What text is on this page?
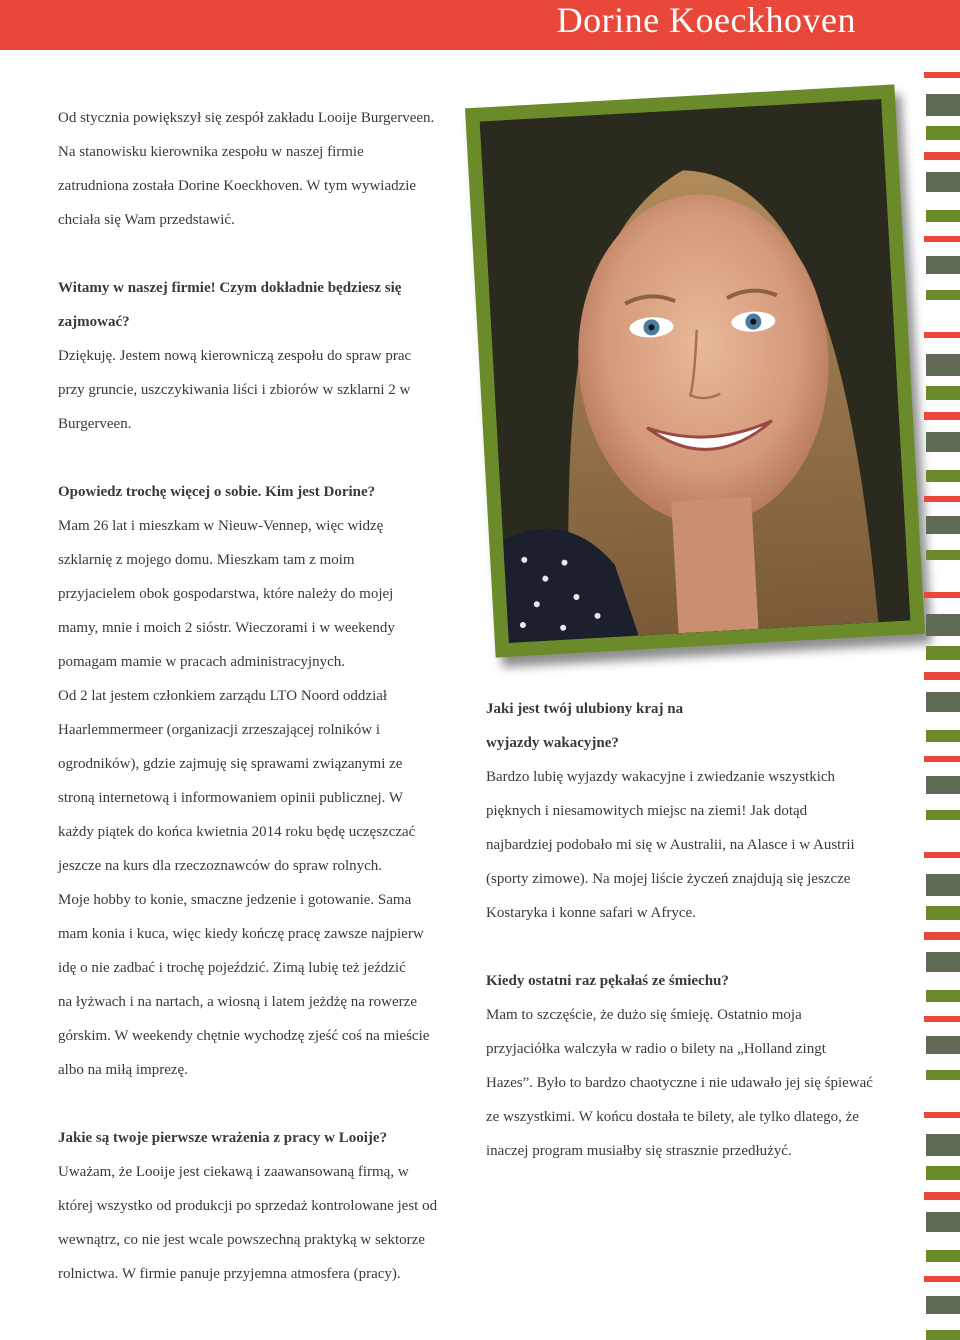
Dorine Koeckhoven
Od stycznia powiększył się zespół zakładu Looije Burgerveen.
Na stanowisku kierownika zespołu w naszej firmie
zatrudniona została Dorine Koeckhoven. W tym wywiadzie
chciała się Wam przedstawić.
Witamy w naszej firmie! Czym dokładnie będziesz się
zajmować?
Dziękuję. Jestem nową kierowniczą zespołu do spraw prac
przy gruncie, uszczykiwania liści i zbiorów w szklarni 2 w
Burgerveen.
Opowiedz trochę więcej o sobie. Kim jest Dorine?
Mam 26 lat i mieszkam w Nieuw-Vennep, więc widzę
szklarnię z mojego domu. Mieszkam tam z moim
przyjacielem obok gospodarstwa, które należy do mojej
mamy, mnie i moich 2 sióstr. Wieczorami i w weekendy
pomagam mamie w pracach administracyjnych.
Od 2 lat jestem członkiem zarządu LTO Noord oddział
Haarlemmermeer (organizacji zrzeszającej rolników i
ogrodników), gdzie zajmuję się sprawami związanymi ze
stroną internetową i informowaniem opinii publicznej. W
każdy piątek do końca kwietnia 2014 roku będę uczęszczać
jeszcze na kurs dla rzeczoznawców do spraw rolnych.
Moje hobby to konie, smaczne jedzenie i gotowanie. Sama
mam konia i kuca, więc kiedy kończę pracę zawsze najpierw
idę o nie zadbać i trochę pojeździć. Zimą lubię też jeździć
na łyżwach i na nartach, a wiosną i latem jeżdżę na rowerze
górskim. W weekendy chętnie wychodzę zjeść coś na mieście
albo na miłą imprezę.
Jakie są twoje pierwsze wrażenia z pracy w Looije?
Uważam, że Looije jest ciekawą i zaawansowaną firmą, w
której wszystko od produkcji po sprzedaż kontrolowane jest od
wewnątrz, co nie jest wcale powszechną praktyką w sektorze
rolnictwa. W firmie panuje przyjemna atmosfera (pracy).
Jaki jest twój ulubiony kraj na
wyjazdy wakacyjne?
Bardzo lubię wyjazdy wakacyjne i zwiedzanie wszystkich
pięknych i niesamowitych miejsc na ziemi! Jak dotąd
najbardziej podobało mi się w Australii, na Alasce i w Austrii
(sporty zimowe). Na mojej liście życzeń znajdują się jeszcze
Kostaryka i konne safari w Afryce.
Kiedy ostatni raz pękałaś ze śmiechu?
Mam to szczęście, że dużo się śmieję. Ostatnio moja
przyjaciółka walczyła w radio o bilety na „Holland zingt
Hazes”. Było to bardzo chaotyczne i nie udawało jej się śpiewać
ze wszystkimi. W końcu dostała te bilety, ale tylko dlatego, że
inaczej program musiałby się strasznie przedłużyć.
